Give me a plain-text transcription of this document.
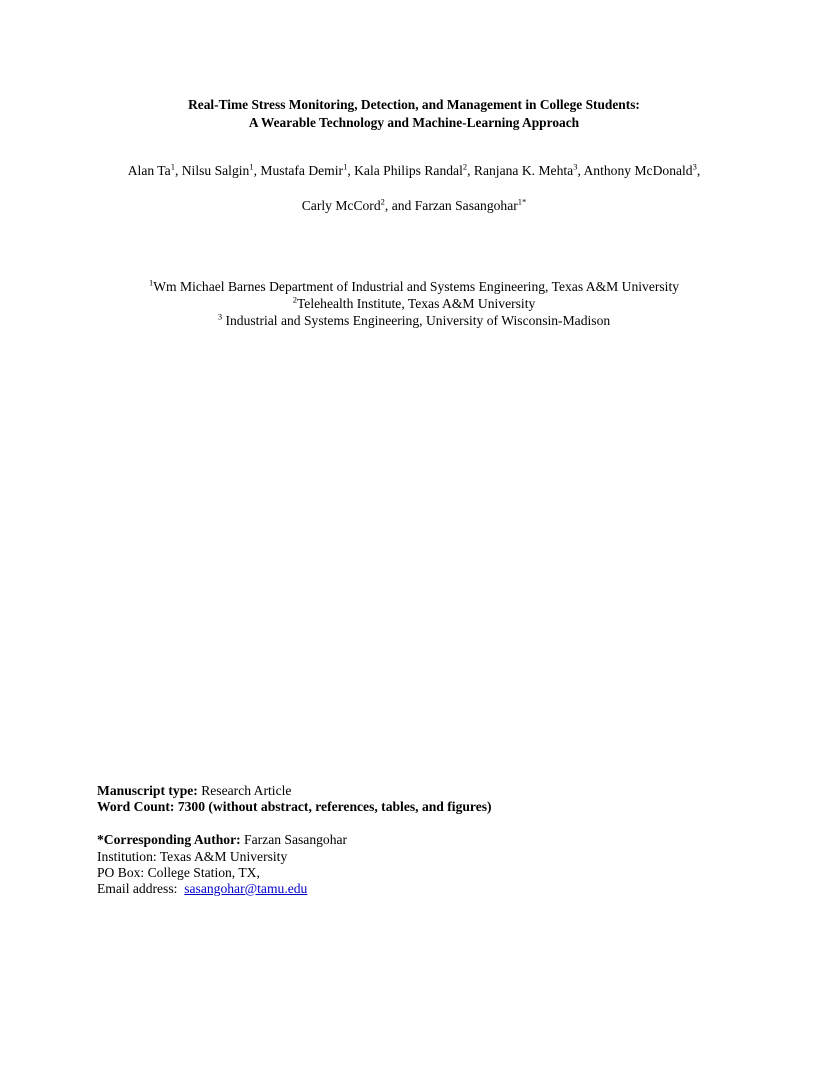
Real-Time Stress Monitoring, Detection, and Management in College Students:
A Wearable Technology and Machine-Learning Approach
Alan Ta$^1$, Nilsu Salgin$^1$, Mustafa Demir$^1$, Kala Philips Randal$^2$, Ranjana K. Mehta$^3$, Anthony McDonald$^3$,
Carly McCord$^2$, and Farzan Sasangohar$^{1*}$
$^1$Wm Michael Barnes Department of Industrial and Systems Engineering, Texas A&M University
$^2$Telehealth Institute, Texas A&M University
$^3$ Industrial and Systems Engineering, University of Wisconsin-Madison
Manuscript type: Research Article
Word Count: 7300 (without abstract, references, tables, and figures)
*Corresponding Author: Farzan Sasangohar
Institution: Texas A&M University
PO Box: College Station, TX,
Email address:  sasangohar@tamu.edu
